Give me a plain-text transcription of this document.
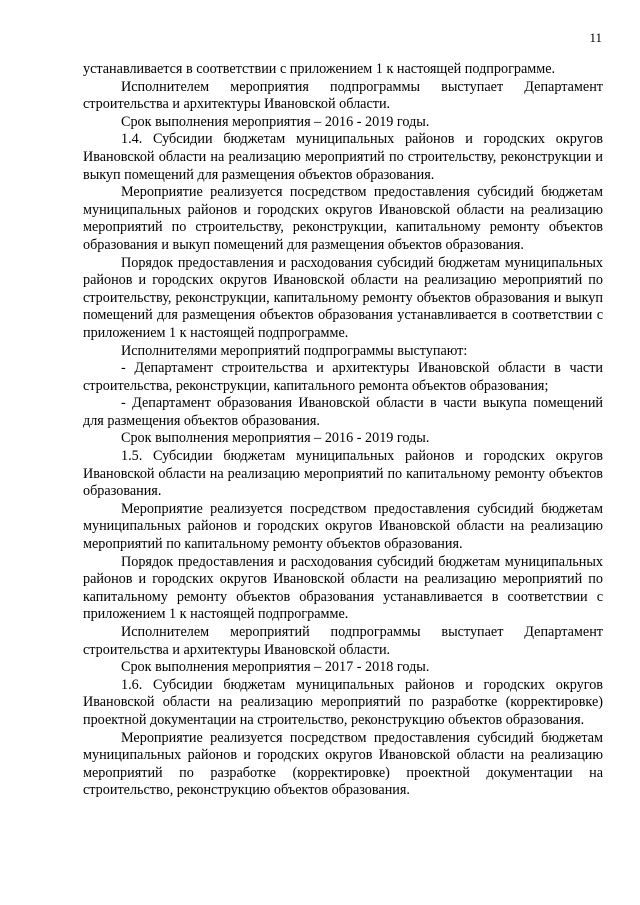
11

устанавливается в соответствии с приложением 1 к настоящей подпрограмме.

Исполнителем мероприятия подпрограммы выступает Департамент строительства и архитектуры Ивановской области.

Срок выполнения мероприятия – 2016 - 2019 годы.

1.4. Субсидии бюджетам муниципальных районов и городских округов Ивановской области на реализацию мероприятий по строительству, реконструкции и выкуп помещений для размещения объектов образования.

Мероприятие реализуется посредством предоставления субсидий бюджетам муниципальных районов и городских округов Ивановской области на реализацию мероприятий по строительству, реконструкции, капитальному ремонту объектов образования и выкуп помещений для размещения объектов образования.

Порядок предоставления и расходования субсидий бюджетам муниципальных районов и городских округов Ивановской области на реализацию мероприятий по строительству, реконструкции, капитальному ремонту объектов образования и выкуп помещений для размещения объектов образования устанавливается в соответствии с приложением 1 к настоящей подпрограмме.

Исполнителями мероприятий подпрограммы выступают:

- Департамент строительства и архитектуры Ивановской области в части строительства, реконструкции, капитального ремонта объектов образования;

- Департамент образования Ивановской области в части выкупа помещений для размещения объектов образования.

Срок выполнения мероприятия – 2016 - 2019 годы.

1.5. Субсидии бюджетам муниципальных районов и городских округов Ивановской области на реализацию мероприятий по капитальному ремонту объектов образования.

Мероприятие реализуется посредством предоставления субсидий бюджетам муниципальных районов и городских округов Ивановской области на реализацию мероприятий по капитальному ремонту объектов образования.

Порядок предоставления и расходования субсидий бюджетам муниципальных районов и городских округов Ивановской области на реализацию мероприятий по капитальному ремонту объектов образования устанавливается в соответствии с приложением 1 к настоящей подпрограмме.

Исполнителем мероприятий подпрограммы выступает Департамент строительства и архитектуры Ивановской области.

Срок выполнения мероприятия – 2017 - 2018 годы.

1.6. Субсидии бюджетам муниципальных районов и городских округов Ивановской области на реализацию мероприятий по разработке (корректировке) проектной документации на строительство, реконструкцию объектов образования.

Мероприятие реализуется посредством предоставления субсидий бюджетам муниципальных районов и городских округов Ивановской области на реализацию мероприятий по разработке (корректировке) проектной документации на строительство, реконструкцию объектов образования.
